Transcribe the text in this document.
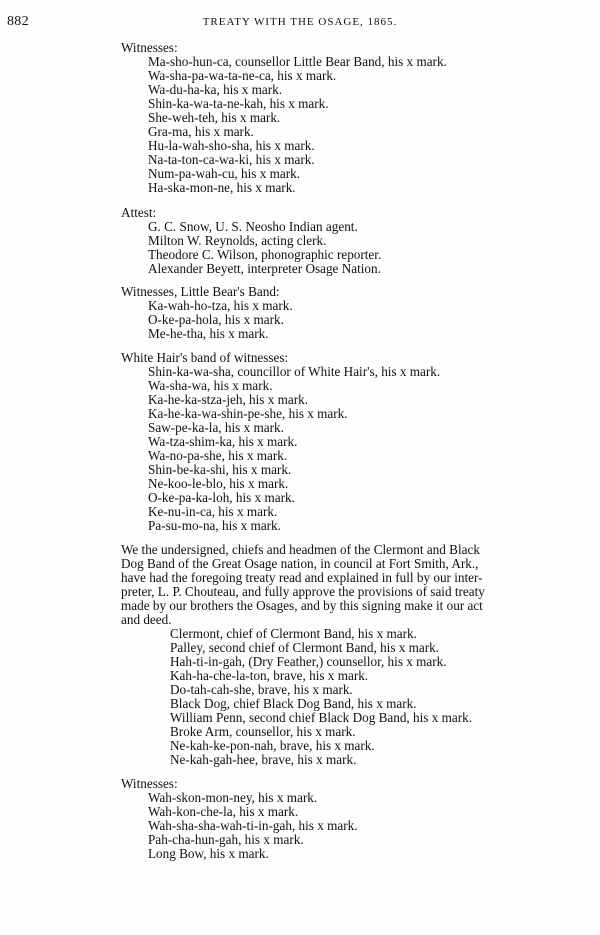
882	TREATY WITH THE OSAGE, 1865.
Witnesses:
Ma-sho-hun-ca, counsellor Little Bear Band, his x mark.
Wa-sha-pa-wa-ta-ne-ca, his x mark.
Wa-du-ha-ka, his x mark.
Shin-ka-wa-ta-ne-kah, his x mark.
She-weh-teh, his x mark.
Gra-ma, his x mark.
Hu-la-wah-sho-sha, his x mark.
Na-ta-ton-ca-wa-ki, his x mark.
Num-pa-wah-cu, his x mark.
Ha-ska-mon-ne, his x mark.
Attest:
G. C. Snow, U. S. Neosho Indian agent.
Milton W. Reynolds, acting clerk.
Theodore C. Wilson, phonographic reporter.
Alexander Beyett, interpreter Osage Nation.
Witnesses, Little Bear's Band:
Ka-wah-ho-tza, his x mark.
O-ke-pa-hola, his x mark.
Me-he-tha, his x mark.
White Hair's band of witnesses:
Shin-ka-wa-sha, councillor of White Hair's, his x mark.
Wa-sha-wa, his x mark.
Ka-he-ka-stza-jeh, his x mark.
Ka-he-ka-wa-shin-pe-she, his x mark.
Saw-pe-ka-la, his x mark.
Wa-tza-shim-ka, his x mark.
Wa-no-pa-she, his x mark.
Shin-be-ka-shi, his x mark.
Ne-koo-le-blo, his x mark.
O-ke-pa-ka-loh, his x mark.
Ke-nu-in-ca, his x mark.
Pa-su-mo-na, his x mark.
We the undersigned, chiefs and headmen of the Clermont and Black
Dog Band of the Great Osage nation, in council at Fort Smith, Ark.,
have had the foregoing treaty read and explained in full by our inter-
preter, L. P. Chouteau, and fully approve the provisions of said treaty
made by our brothers the Osages, and by this signing make it our act
and deed.
Clermont, chief of Clermont Band, his x mark.
Palley, second chief of Clermont Band, his x mark.
Hah-ti-in-gah, (Dry Feather,) counsellor, his x mark.
Kah-ha-che-la-ton, brave, his x mark.
Do-tah-cah-she, brave, his x mark.
Black Dog, chief Black Dog Band, his x mark.
William Penn, second chief Black Dog Band, his x mark.
Broke Arm, counsellor, his x mark.
Ne-kah-ke-pon-nah, brave, his x mark.
Ne-kah-gah-hee, brave, his x mark.
Witnesses:
Wah-skon-mon-ney, his x mark.
Wah-kon-che-la, his x mark.
Wah-sha-sha-wah-ti-in-gah, his x mark.
Pah-cha-hun-gah, his x mark.
Long Bow, his x mark.
